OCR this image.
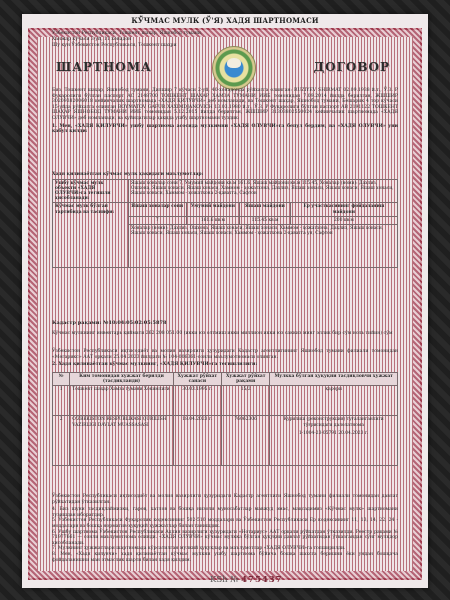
КЎЧМАС МУЛК (Ў'Я) ХАДЯ ШАРТНОМАСИ
Ўзбекистон Республикаси, Тошкент шаҳар, Яшнобод тумани,
Ханжар кўчаси 3-уй, 11 хонадон
Шу кун Ўзбекистон Республикаси, Тошкент шаҳри
ШАРТНОМА	ДОГОВОР
Биз, Тошкент шаҳар, Яшнобод тумани, Дилшир 7 кўчаси 2-уй, 40-хонадонда рўйхатга олинган: RUZIYEV SHIRMAT 02.09.1938 й.т., Ў.З. Р Фуқаролиги бўлган паспорт AC 2148700 ТОШКЕНТ ШАҲАР ХАМЗА ТУМАНИ ИИБ томонидан 7.09.2014 йилда берилган, ЖШШИР 30209382006018 кейинчалик шартномада «ХАДЯ ҚИЛУВЧИ» деб номланади, ва Тошкент шаҳар, Яшнобод тумани, Бешарик 4 тор кўчаси 15-уйда рўйхатга олинган BOYMATOV GAFUR XAXIMDJANOVICH 13.03.1980 й.т., Ў.З. Р Фуқаролиги бўлган паспорт AB 2191122 ТОШКЕНТ ШАҲАР ЯШНОБОД ТУМАНИ ИИБ томонидан 5.12.2015 йилда берилган, ЖШШИР 31303802550024 кейинчалик шартномада «ХАДЯ ОЛУВЧИ» деб номланади, ва қуйидагилар ҳақида ушбу шартномани туздик:
1. Мен, «ХАДЯ ҚИЛУВЧИ» ушбу шартнома асосида мулкимни «ХАДЯ ОЛУВЧИ»га бепул бердим, ва «ХАДЯ ОЛУВЧИ» уни қабул қилди:
Хадя қилинаётган кўчмас мулк ҳақидаги маълумотлар:
Ушбу кўчмас мулк объекти «ХАДЯ ОЛУВЧИ»га тегишли ҳисобланади:	Яшаш хоналар сони 7, Умумий майдони кв.м 161.6, Яшаш майдони кв.м 115.45, Хоналар (номи): Даҳлиз, Ошхона, Яшаш хонаси, Яшаш хонаси, Хаммом - ҳожатхона, Даҳлиз, Яшаш хонаси, Яшаш хонаси, Яшаш хонаси, Яшаш хонаси, Хаммом - ҳожатхона 2-қаватга, Сафтон			
Кўчмас мулк бўлган тартибида ва таснифи:	Яшаш хоналар сони	Умумий майдони	Яшаш майдони	Ер участкасининг фойдаланиш майдони
	7	161.6 кв.м	115.45 кв.м	200 кв.м
	Хоналар (номи): Даҳлиз, Ошхона, Яшаш хонаси, Яшаш хонаси, Хаммом - ҳожатхона, Даҳлиз, Яшаш хонаси, Яшаш хонаси, Яшаш хонаси, Яшаш хонаси, Хаммом - ҳожатхона 2-қаватга уя, Сафтон			
Кадастр рақами: №10:04:05:02:05:5878
Кўчмас мулкнинг инвентарь қиймати 262 208 051.00 (икки юз олтмиш икки миллион икки юз саккиз минг эллик бир сўм ноль тийин) сўм
Ўзбекистон Республикаси иқтисодиёт ва молия вазирлиги ҳузуридаги Кадастр агентлигининг Яшнобод тумани филиали томонидан «Мегарикс» ААТ орқали 25.04.2023 йилдаги № 104-006361-сонли маълумотномаси олинган.
2. Хадя қилинаётган кўчмас мулкнинг, «ХАДЯ ҚИЛУВЧИ»га тегишлилиги:
№	Ким томонидан хужжат берилди (тасдиқланди)	Хужжат рўйхат санаси	Хужжат рўйхат рақами	Мулкка бўлган ҳуқуқни тасдиқловчи ҳужжат
1	Тошкент шаҳар Хамза тумани Хокимлиги	30.03.1995 г.	15/2	қарори
2	O'ZBEKISTON RESPUBLIKASI QURILISH VAZIRLIGI DAVLAT MUASSASASI	18.04.2023 г.	76062306	Қурилиш (реконструкция) туғаланганлиги тўғрисидаги далолатнома
1-1004-23-05791 20.04.2023 г.
Ўзбекистон Республикаси иқтисодиёт ва молия вазирлиги ҳузуридаги Кадастр агентлиги Яшнобод тумани филиали томонидан давлат рўйхатидан ўтказилган.
4. Биз шуни тасдиқлаймизки, гаров, хатлов ва бошқа низоли муносабатлар мавжуд эмас, мақсадимиз «Кўчмас мулк» шартномани тузишдан иборатдир.
5. Ўзбекистон Республикаси Фуқаролик кодексининг 502-510 моддалари ва Ўзбекистон Республикаси Ер кодексининг 11, 13, 14, 22, 24 - моддалари ва бошқа норматив-ҳуқуқий ҳужжатлар билан танишдик.
6. Ушбу шартнома Ўзбекистон Республикаси Адлия вазирлиги ҳузуридаги «Нотариус» ААТ орқали рўйхатдан ўтказилди. Реестр рақами № 71977661 — сонли маълумотнома олинди. «ХАДЯ ОЛУВЧИ» кўчмас мулкка бўлган ҳуқуқни давлат рўйхатидан ўтказгандан сўнг мулкдор ҳисобланади.
7. Мулкнинг ҳужжатлари шартномада кўрсатилган мулкий ҳуқуқлар ва маълумотлар «ХАДЯ ОЛУВЧИ»га топширилди.
8. Мен, «Хадя қилувчи» хадя қилинаётган кўчмас мулкни ушбу шартнома бўйича бошқа шахсга беришни ёки ундан бошқача фойдаланишни ман этмаслик шарти билан хадя қилдим.
KSh № 475437
